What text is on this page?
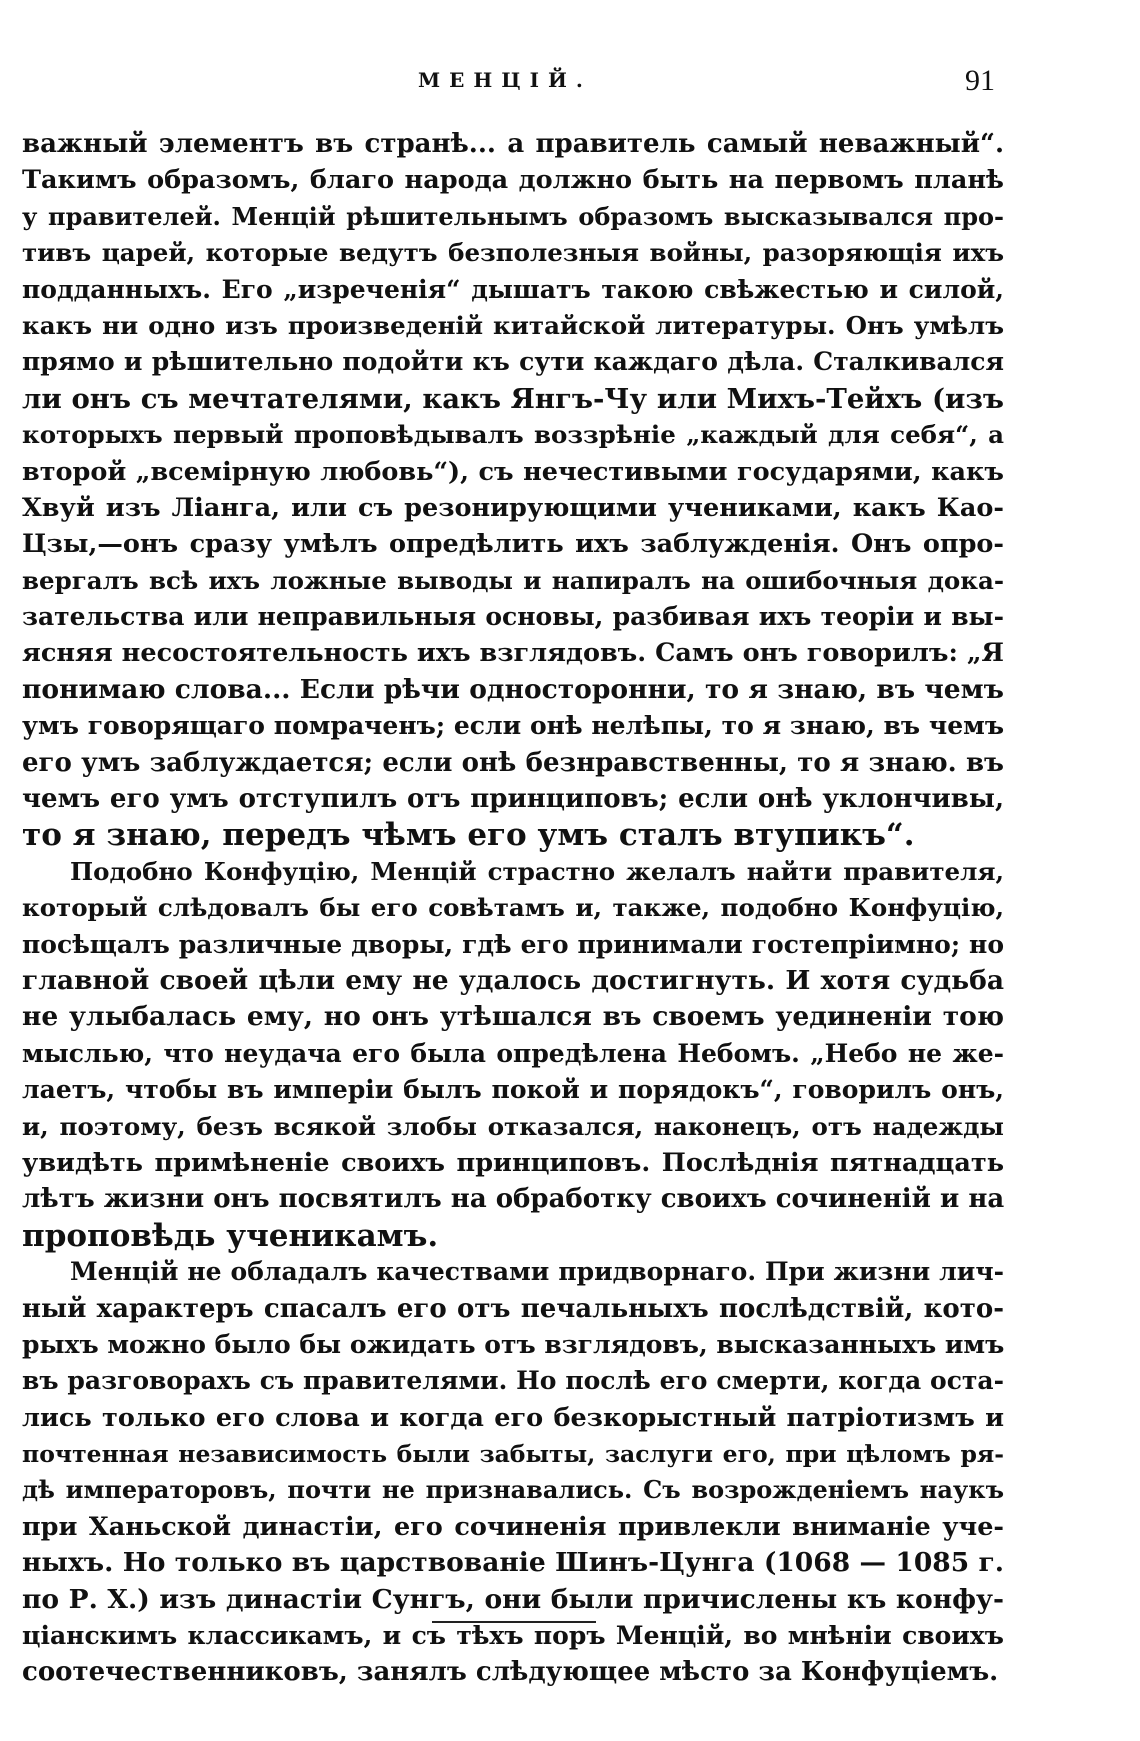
МЕНЦІЙ.	91
важный элементъ въ странѣ... а правитель самый неважный“.
Такимъ образомъ, благо народа должно быть на первомъ планѣ
у правителей. Менцій рѣшительнымъ образомъ высказывался про-
тивъ царей, которые ведутъ безполезныя войны, разоряющія ихъ
подданныхъ. Его „изреченія“ дышатъ такою свѣжестью и силой,
какъ ни одно изъ произведеній китайской литературы. Онъ умѣлъ
прямо и рѣшительно подойти къ сути каждаго дѣла. Сталкивался
ли онъ съ мечтателями, какъ Янгъ-Чу или Михъ-Тейхъ (изъ
которыхъ первый проповѣдывалъ воззрѣніе „каждый для себя“, а
второй „всемірную любовь“), съ нечестивыми государями, какъ
Хвуй изъ Ліанга, или съ резонирующими учениками, какъ Као-
Цзы,—онъ сразу умѣлъ опредѣлить ихъ заблужденія. Онъ опро-
вергалъ всѣ ихъ ложные выводы и напиралъ на ошибочныя дока-
зательства или неправильныя основы, разбивая ихъ теоріи и вы-
ясняя несостоятельность ихъ взглядовъ. Самъ онъ говорилъ: „Я
понимаю слова... Если рѣчи односторонни, то я знаю, въ чемъ
умъ говорящаго помраченъ; если онѣ нелѣпы, то я знаю, въ чемъ
его умъ заблуждается; если онѣ безнравственны, то я знаю. въ
чемъ его умъ отступилъ отъ принциповъ; если онѣ уклончивы,
то я знаю, передъ чѣмъ его умъ сталъ втупикъ“.
Подобно Конфуцію, Менцій страстно желалъ найти правителя,
который слѣдовалъ бы его совѣтамъ и, также, подобно Конфуцію,
посѣщалъ различные дворы, гдѣ его принимали гостепріимно; но
главной своей цѣли ему не удалось достигнуть. И хотя судьба
не улыбалась ему, но онъ утѣшался въ своемъ уединеніи тою
мыслью, что неудача его была опредѣлена Небомъ. „Небо не же-
лаетъ, чтобы въ имперіи былъ покой и порядокъ“, говорилъ онъ,
и, поэтому, безъ всякой злобы отказался, наконецъ, отъ надежды
увидѣть примѣненіе своихъ принциповъ. Послѣднія пятнадцать
лѣтъ жизни онъ посвятилъ на обработку своихъ сочиненій и на
проповѣдь ученикамъ.
Менцій не обладалъ качествами придворнаго. При жизни лич-
ный характеръ спасалъ его отъ печальныхъ послѣдствій, кото-
рыхъ можно было бы ожидать отъ взглядовъ, высказанныхъ имъ
въ разговорахъ съ правителями. Но послѣ его смерти, когда оста-
лись только его слова и когда его безкорыстный патріотизмъ и
почтенная независимость были забыты, заслуги его, при цѣломъ ря-
дѣ императоровъ, почти не признавались. Съ возрожденіемъ наукъ
при Ханьской династіи, его сочиненія привлекли вниманіе уче-
ныхъ. Но только въ царствованіе Шинъ-Цунга (1068 — 1085 г.
по Р. Х.) изъ династіи Сунгъ, они были причислены къ конфу-
ціанскимъ классикамъ, и съ тѣхъ поръ Менцій, во мнѣніи своихъ
соотечественниковъ, занялъ слѣдующее мѣсто за Конфуціемъ.
